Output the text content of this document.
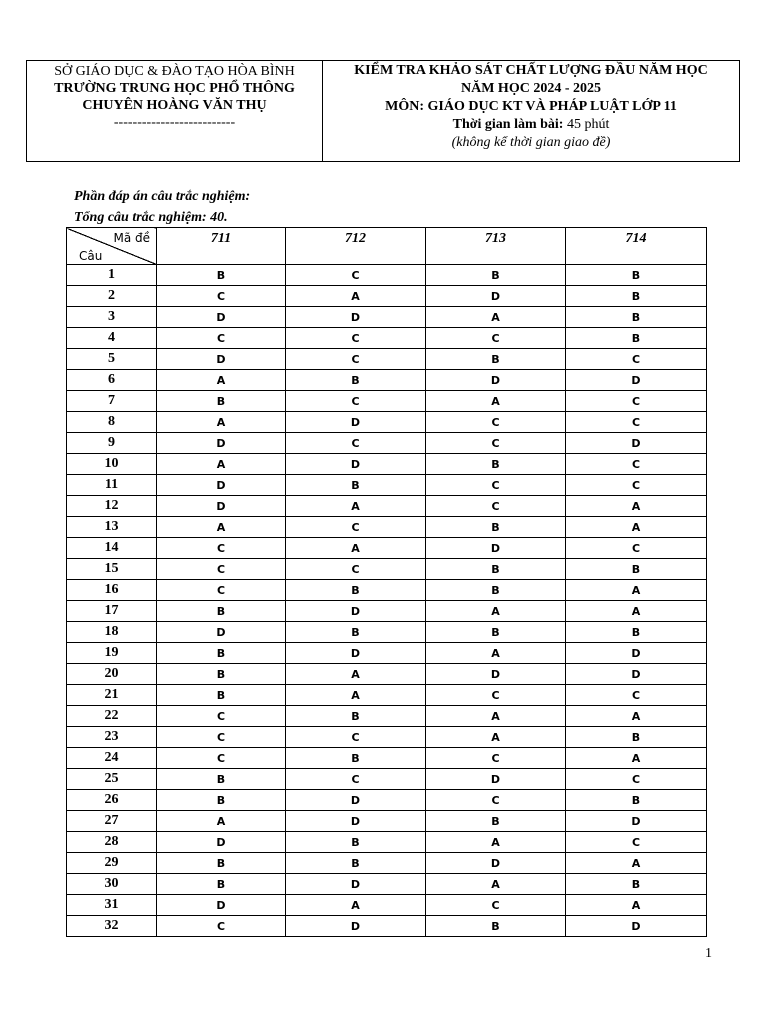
SỞ GIÁO DỤC & ĐÀO TẠO HÒA BÌNH
TRƯỜNG TRUNG HỌC PHỔ THÔNG
CHUYÊN HOÀNG VĂN THỤ
--------------------------
KIỂM TRA KHẢO SÁT CHẤT LƯỢNG ĐẦU NĂM HỌC
NĂM HỌC 2024 - 2025
MÔN: GIÁO DỤC KT VÀ PHÁP LUẬT LỚP 11
Thời gian làm bài: 45 phút
(không kể thời gian giao đề)
Phần đáp án câu trắc nghiệm:
Tổng câu trắc nghiệm: 40.
Mã đề
Câu	711	712	713	714
1	B	C	B	B
2	C	A	D	B
3	D	D	A	B
4	C	C	C	B
5	D	C	B	C
6	A	B	D	D
7	B	C	A	C
8	A	D	C	C
9	D	C	C	D
10	A	D	B	C
11	D	B	C	C
12	D	A	C	A
13	A	C	B	A
14	C	A	D	C
15	C	C	B	B
16	C	B	B	A
17	B	D	A	A
18	D	B	B	B
19	B	D	A	D
20	B	A	D	D
21	B	A	C	C
22	C	B	A	A
23	C	C	A	B
24	C	B	C	A
25	B	C	D	C
26	B	D	C	B
27	A	D	B	D
28	D	B	A	C
29	B	B	D	A
30	B	D	A	B
31	D	A	C	A
32	C	D	B	D
1
